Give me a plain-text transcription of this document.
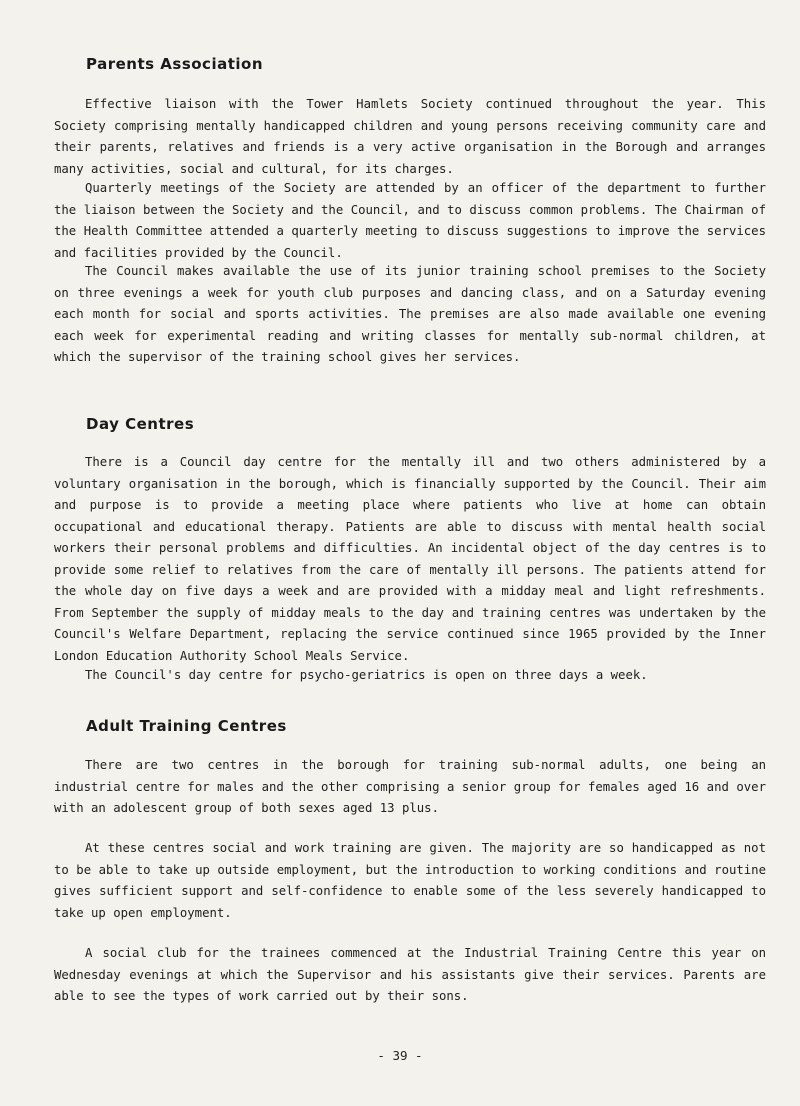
Parents Association

Effective liaison with the Tower Hamlets Society continued throughout the year. This Society comprising mentally handicapped children and young persons receiving community care and their parents, relatives and friends is a very active organisation in the Borough and arranges many activities, social and cultural, for its charges.

Quarterly meetings of the Society are attended by an officer of the department to further the liaison between the Society and the Council, and to discuss common problems. The Chairman of the Health Committee attended a quarterly meeting to discuss suggestions to improve the services and facilities provided by the Council.

The Council makes available the use of its junior training school premises to the Society on three evenings a week for youth club purposes and dancing class, and on a Saturday evening each month for social and sports activities. The premises are also made available one evening each week for experimental reading and writing classes for mentally sub-normal children, at which the supervisor of the training school gives her services.

Day Centres

There is a Council day centre for the mentally ill and two others administered by a voluntary organisation in the borough, which is financially supported by the Council. Their aim and purpose is to provide a meeting place where patients who live at home can obtain occupational and educational therapy. Patients are able to discuss with mental health social workers their personal problems and difficulties. An incidental object of the day centres is to provide some relief to relatives from the care of mentally ill persons. The patients attend for the whole day on five days a week and are provided with a midday meal and light refreshments. From September the supply of midday meals to the day and training centres was undertaken by the Council's Welfare Department, replacing the service continued since 1965 provided by the Inner London Education Authority School Meals Service.

The Council's day centre for psycho-geriatrics is open on three days a week.

Adult Training Centres

There are two centres in the borough for training sub-normal adults, one being an industrial centre for males and the other comprising a senior group for females aged 16 and over with an adolescent group of both sexes aged 13 plus.

At these centres social and work training are given. The majority are so handicapped as not to be able to take up outside employment, but the introduction to working conditions and routine gives sufficient support and self-confidence to enable some of the less severely handicapped to take up open employment.

A social club for the trainees commenced at the Industrial Training Centre this year on Wednesday evenings at which the Supervisor and his assistants give their services. Parents are able to see the types of work carried out by their sons.

- 39 -
